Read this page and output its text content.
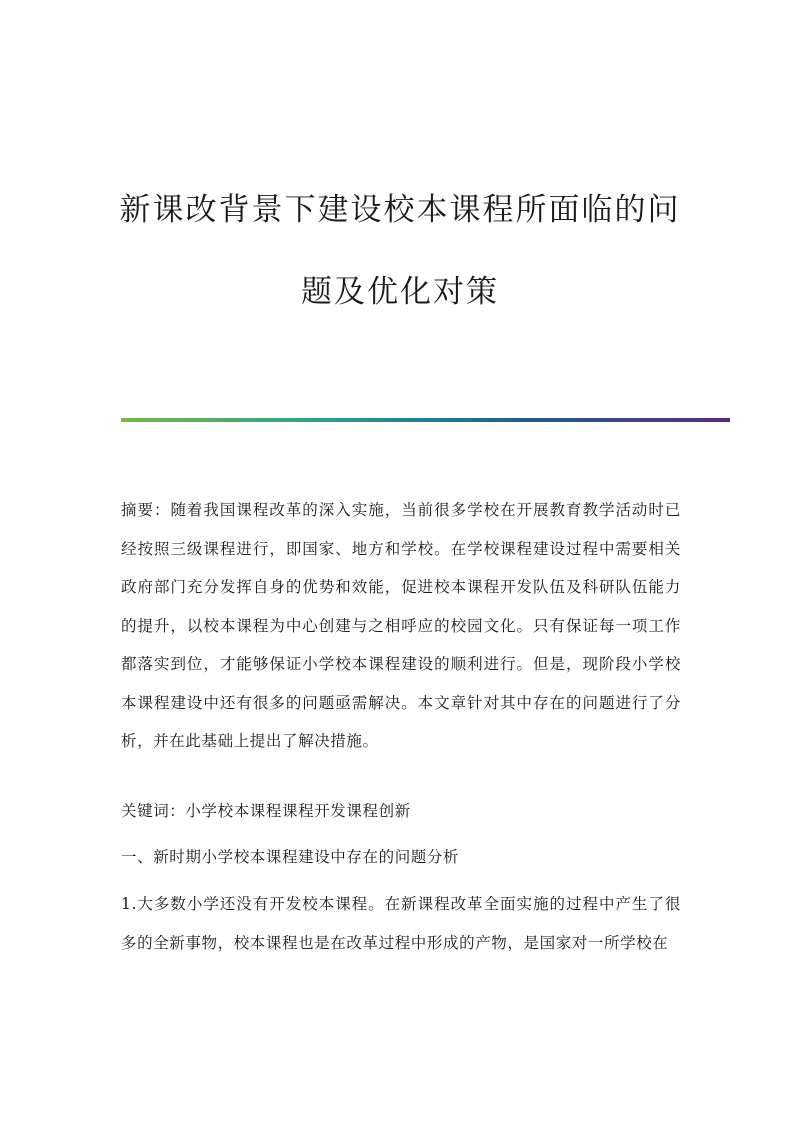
新课改背景下建设校本课程所面临的问
题及优化对策
摘要：随着我国课程改革的深入实施，当前很多学校在开展教育教学活动时已经按照三级课程进行，即国家、地方和学校。在学校课程建设过程中需要相关政府部门充分发挥自身的优势和效能，促进校本课程开发队伍及科研队伍能力的提升，以校本课程为中心创建与之相呼应的校园文化。只有保证每一项工作都落实到位，才能够保证小学校本课程建设的顺利进行。但是，现阶段小学校本课程建设中还有很多的问题亟需解决。本文章针对其中存在的问题进行了分析，并在此基础上提出了解决措施。

关键词：小学校本课程课程开发课程创新

一、新时期小学校本课程建设中存在的问题分析

1.大多数小学还没有开发校本课程。在新课程改革全面实施的过程中产生了很多的全新事物，校本课程也是在改革过程中形成的产物，是国家对一所学校在
